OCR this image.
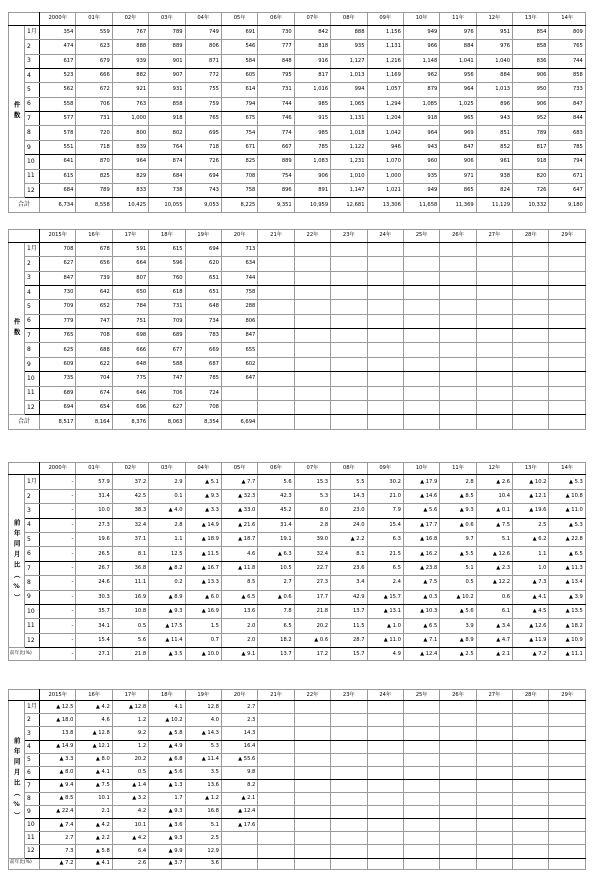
		2000年	01年	02年	03年	04年	05年	06年	07年	08年	09年	10年	11年	12年	13年	14年
件数	1月	354	559	767	789	749	691	730	842	888	1,156	949	976	951	854	809
	2	474	623	888	889	806	546	777	818	935	1,131	966	884	976	858	765
	3	617	679	939	901	871	584	848	916	1,127	1,216	1,148	1,041	1,040	836	744
	4	523	666	882	907	772	605	795	817	1,013	1,169	962	956	884	906	858
	5	562	672	921	931	755	614	731	1,016	994	1,057	879	964	1,013	950	733
	6	558	706	763	858	759	794	744	985	1,065	1,294	1,085	1,025	896	906	847
	7	577	731	1,000	918	765	675	746	915	1,131	1,204	918	965	943	952	844
	8	578	720	800	802	695	754	774	985	1,018	1,042	964	969	851	789	683
	9	551	718	839	764	718	671	667	785	1,122	946	943	847	852	817	785
	10	641	870	964	874	726	825	889	1,083	1,231	1,070	960	906	961	918	794
	11	615	825	829	684	694	708	754	906	1,010	1,000	935	971	938	820	671
	12	684	789	833	738	743	758	896	891	1,147	1,021	949	865	824	726	647
合計		6,734	8,558	10,425	10,055	9,053	8,225	9,351	10,959	12,681	13,306	11,658	11,369	11,129	10,332	9,180
		2015年	16年	17年	18年	19年	20年	21年	22年	23年	24年	25年	26年	27年	28年	29年
件数	1月	708	678	591	615	694	713									
	2	627	656	664	596	620	634									
	3	847	739	807	760	651	744									
	4	730	642	650	618	651	758									
	5	709	652	784	731	648	288									
	6	779	747	751	709	734	806									
	7	765	708	698	689	783	847									
	8	625	688	666	677	669	655									
	9	609	622	648	588	687	602									
	10	735	704	775	747	785	647									
	11	689	674	646	706	724										
	12	694	654	696	627	708										
合計		8,517	8,164	8,376	8,063	8,354	6,694									
		2000年	01年	02年	03年	04年	05年	06年	07年	08年	09年	10年	11年	12年	13年	14年
前年同月比（%）	1月	-	57.9	37.2	2.9	▲ 5.1	▲ 7.7	5.6	15.3	5.5	30.2	▲ 17.9	2.8	▲ 2.6	▲ 10.2	▲ 5.3
	2	-	31.4	42.5	0.1	▲ 9.3	▲ 32.3	42.3	5.3	14.3	21.0	▲ 14.6	▲ 8.5	10.4	▲ 12.1	▲ 10.8
	3	-	10.0	38.3	▲ 4.0	▲ 3.3	▲ 33.0	45.2	8.0	23.0	7.9	▲ 5.6	▲ 9.3	▲ 0.1	▲ 19.6	▲ 11.0
	4	-	27.3	32.4	2.8	▲ 14.9	▲ 21.6	31.4	2.8	24.0	15.4	▲ 17.7	▲ 0.6	▲ 7.5	2.5	▲ 5.3
	5	-	19.6	37.1	1.1	▲ 18.9	▲ 18.7	19.1	39.0	▲ 2.2	6.3	▲ 16.8	9.7	5.1	▲ 6.2	▲ 22.8
	6	-	26.5	8.1	12.5	▲ 11.5	4.6	▲ 6.3	32.4	8.1	21.5	▲ 16.2	▲ 5.5	▲ 12.6	1.1	▲ 6.5
	7	-	26.7	36.8	▲ 8.2	▲ 16.7	▲ 11.8	10.5	22.7	23.6	6.5	▲ 23.8	5.1	▲ 2.3	1.0	▲ 11.3
	8	-	24.6	11.1	0.2	▲ 13.3	8.5	2.7	27.3	3.4	2.4	▲ 7.5	0.5	▲ 12.2	▲ 7.3	▲ 13.4
	9	-	30.3	16.9	▲ 8.9	▲ 6.0	▲ 6.5	▲ 0.6	17.7	42.9	▲ 15.7	▲ 0.3	▲ 10.2	0.6	▲ 4.1	▲ 3.9
	10	-	35.7	10.8	▲ 9.3	▲ 16.9	13.6	7.8	21.8	13.7	▲ 13.1	▲ 10.3	▲ 5.6	6.1	▲ 4.5	▲ 13.5
	11	-	34.1	0.5	▲ 17.5	1.5	2.0	6.5	20.2	11.5	▲ 1.0	▲ 6.5	3.9	▲ 3.4	▲ 12.6	▲ 18.2
	12	-	15.4	5.6	▲ 11.4	0.7	2.0	18.2	▲ 0.6	28.7	▲ 11.0	▲ 7.1	▲ 8.9	▲ 4.7	▲ 11.9	▲ 10.9
前年比(%)		-	27.1	21.8	▲ 3.5	▲ 10.0	▲ 9.1	13.7	17.2	15.7	4.9	▲ 12.4	▲ 2.5	▲ 2.1	▲ 7.2	▲ 11.1
		2015年	16年	17年	18年	19年	20年	21年	22年	23年	24年	25年	26年	27年	28年	29年
前年同月比（%）	1月	▲ 12.5	▲ 4.2	▲ 12.8	4.1	12.8	2.7									
	2	▲ 18.0	4.6	1.2	▲ 10.2	4.0	2.3									
	3	13.8	▲ 12.8	9.2	▲ 5.8	▲ 14.3	14.3									
	4	▲ 14.9	▲ 12.1	1.2	▲ 4.9	5.3	16.4									
	5	▲ 3.3	▲ 8.0	20.2	▲ 6.8	▲ 11.4	▲ 55.6									
	6	▲ 8.0	▲ 4.1	0.5	▲ 5.6	3.5	9.8									
	7	▲ 9.4	▲ 7.5	▲ 1.4	▲ 1.3	13.6	8.2									
	8	▲ 8.5	10.1	▲ 3.2	1.7	▲ 1.2	▲ 2.1									
	9	▲ 22.4	2.1	4.2	▲ 9.3	16.8	▲ 12.4									
	10	▲ 7.4	▲ 4.2	10.1	▲ 3.6	5.1	▲ 17.6									
	11	2.7	▲ 2.2	▲ 4.2	▲ 9.3	2.5										
	12	7.3	▲ 5.8	6.4	▲ 9.9	12.9										
前年比(%)		▲ 7.2	▲ 4.1	2.6	▲ 3.7	3.6										
